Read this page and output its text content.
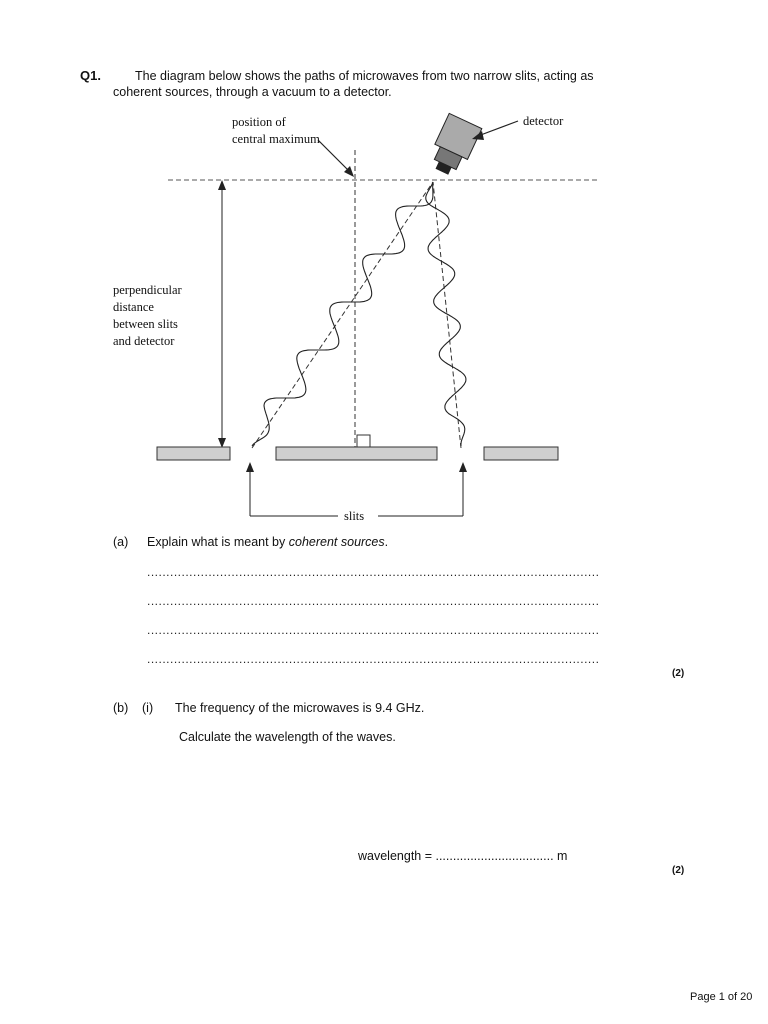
Q1.	The diagram below shows the paths of microwaves from two narrow slits, acting as
coherent sources, through a vacuum to a detector.
position of
central maximum
detector
perpendicular
distance
between slits
and detector
slits
(a) Explain what is meant by coherent sources.
......................................................................................................................
......................................................................................................................
......................................................................................................................
......................................................................................................................
(2)
(b) (i) The frequency of the microwaves is 9.4 GHz.
Calculate the wavelength of the waves.
wavelength = .................................. m
(2)
Page 1 of 20
